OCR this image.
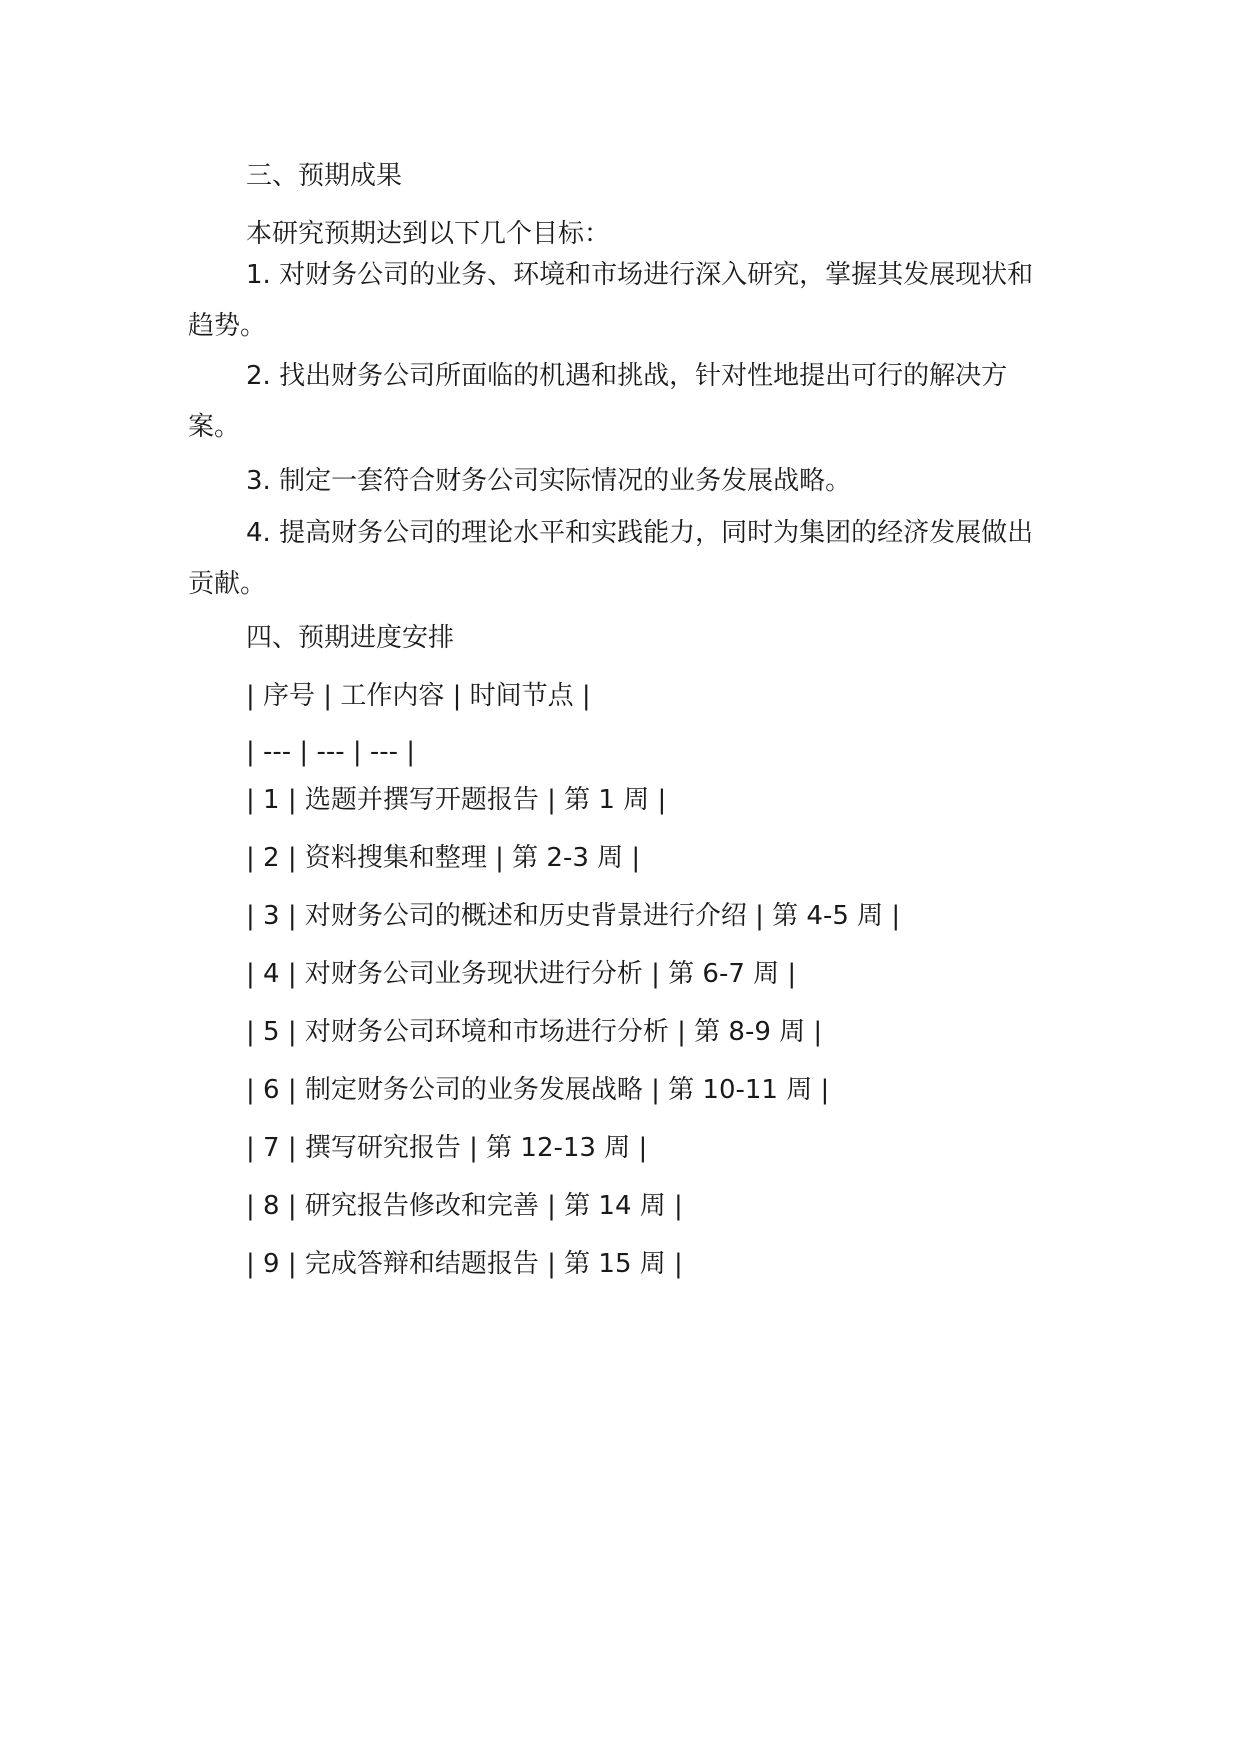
三、预期成果
本研究预期达到以下几个目标：
1. 对财务公司的业务、环境和市场进行深入研究，掌握其发展现状和趋势。
2. 找出财务公司所面临的机遇和挑战，针对性地提出可行的解决方案。
3. 制定一套符合财务公司实际情况的业务发展战略。
4. 提高财务公司的理论水平和实践能力，同时为集团的经济发展做出贡献。
四、预期进度安排
| 序号 | 工作内容 | 时间节点 |
| --- | --- | --- |
| 1 | 选题并撰写开题报告 | 第 1 周 |
| 2 | 资料搜集和整理 | 第 2-3 周 |
| 3 | 对财务公司的概述和历史背景进行介绍 | 第 4-5 周 |
| 4 | 对财务公司业务现状进行分析 | 第 6-7 周 |
| 5 | 对财务公司环境和市场进行分析 | 第 8-9 周 |
| 6 | 制定财务公司的业务发展战略 | 第 10-11 周 |
| 7 | 撰写研究报告 | 第 12-13 周 |
| 8 | 研究报告修改和完善 | 第 14 周 |
| 9 | 完成答辩和结题报告 | 第 15 周 |
